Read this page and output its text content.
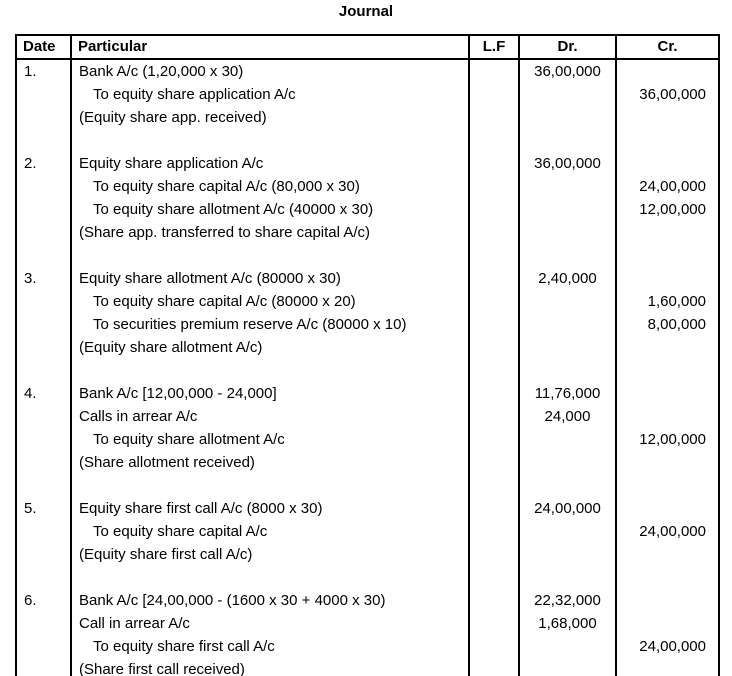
Journal
Date	Particular	L.F	Dr.	Cr.
1.	Bank A/c (1,20,000 x 30)		36,00,000	
	To equity share application A/c			36,00,000
	(Equity share app. received)			

2.	Equity share application A/c		36,00,000	
	To equity share capital A/c (80,000 x 30)			24,00,000
	To equity share allotment A/c (40000 x 30)			12,00,000
	(Share app. transferred to share capital A/c)			

3.	Equity share allotment A/c (80000 x 30)		2,40,000	
	To equity share capital A/c (80000 x 20)			1,60,000
	To securities premium reserve A/c (80000 x 10)			8,00,000
	(Equity share allotment A/c)			

4.	Bank A/c [12,00,000 - 24,000]		11,76,000	
	Calls in arrear A/c		24,000	
	To equity share allotment A/c			12,00,000
	(Share allotment received)			

5.	Equity share first call A/c (8000 x 30)		24,00,000	
	To equity share capital A/c			24,00,000
	(Equity share first call A/c)			

6.	Bank A/c [24,00,000 - (1600 x 30 + 4000 x 30)		22,32,000	
	Call in arrear A/c		1,68,000	
	To equity share first call A/c			24,00,000
	(Share first call received)			
